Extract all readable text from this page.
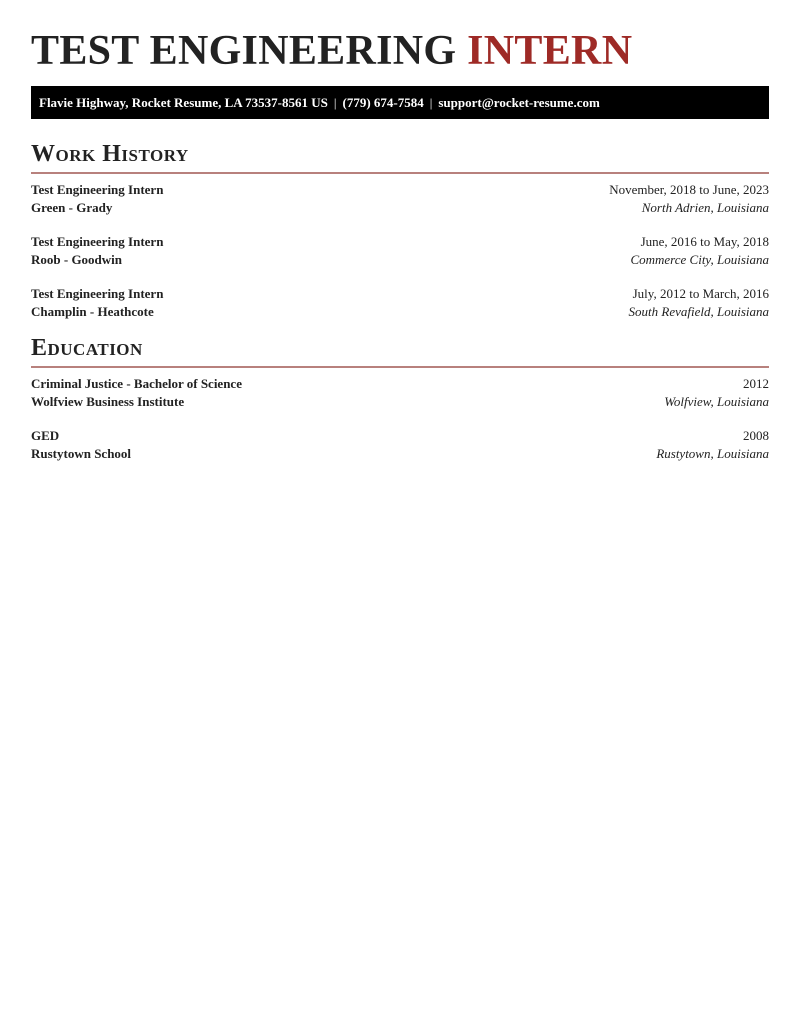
TEST ENGINEERING INTERN
Flavie Highway, Rocket Resume, LA 73537-8561 US | (779) 674-7584 | support@rocket-resume.com
Work History
Test Engineering Intern	November, 2018 to June, 2023
Green - Grady	North Adrien, Louisiana
Test Engineering Intern	June, 2016 to May, 2018
Roob - Goodwin	Commerce City, Louisiana
Test Engineering Intern	July, 2012 to March, 2016
Champlin - Heathcote	South Revafield, Louisiana
Education
Criminal Justice - Bachelor of Science	2012
Wolfview Business Institute	Wolfview, Louisiana
GED	2008
Rustytown School	Rustytown, Louisiana
